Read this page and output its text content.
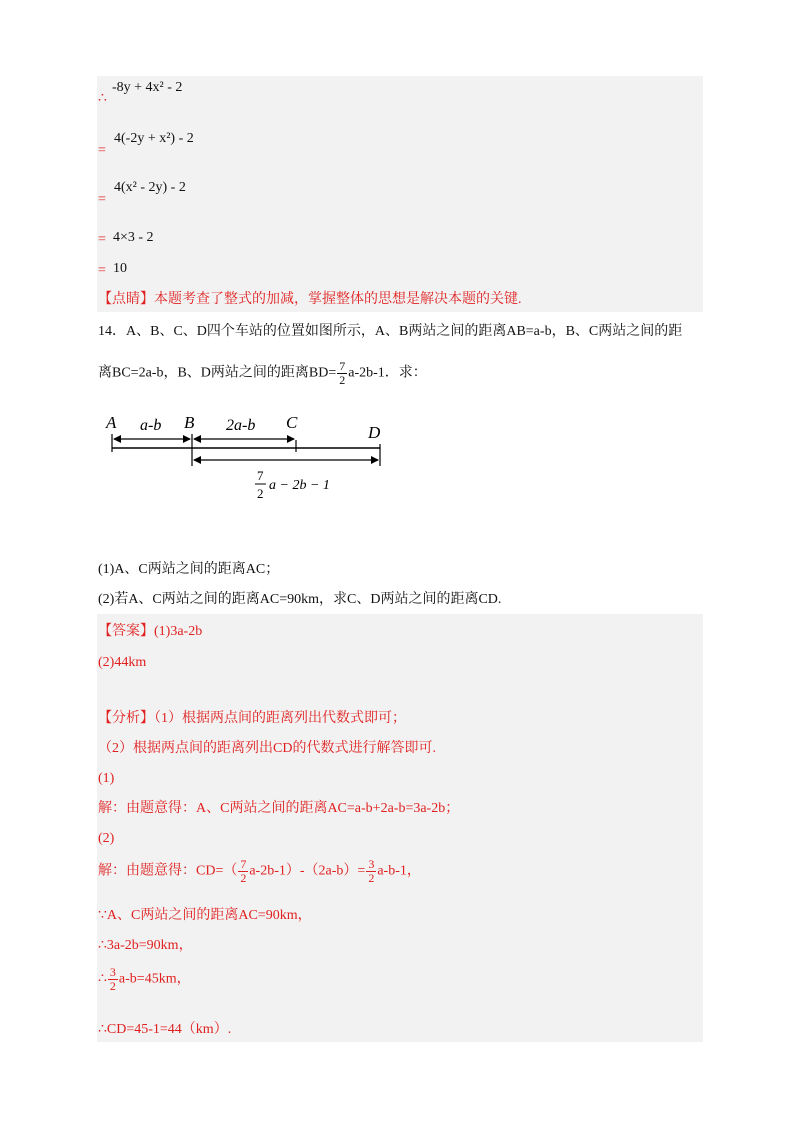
∴
-8y + 4x² - 2
=
4(-2y + x²) - 2
=
4(x² - 2y) - 2
= 4×3 - 2
= 10
【点睛】本题考查了整式的加减，掌握整体的思想是解决本题的关键.
14．A、B、C、D四个车站的位置如图所示，A、B两站之间的距离AB=a-b，B、C两站之间的距
离BC=2a-b，B、D两站之间的距离$BD= \frac{7}{2} a-2b-1$．求：
A	B	C
D
a-b	2a-b
7
2
a − 2b − 1
(1)A、C两站之间的距离AC；
(2)若A、C两站之间的距离AC=90km，求C、D两站之间的距离CD.
【答案】(1)3a-2b
(2)44km
【分析】（1）根据两点间的距离列出代数式即可；
（2）根据两点间的距离列出CD的代数式进行解答即可.
(1)
解：由题意得：A、C两站之间的距离AC=a-b+2a-b=3a-2b；
(2)
解：由题意得：$CD=( \frac{7}{2} a-2b-1)-(2a-b)= \frac{3}{2} a-b-1$，
∵A、C两站之间的距离AC=90km，
∴3a-2b=90km，
∴ $\frac{3}{2} a-b=45km$，
∴CD=45-1=44（km）.
